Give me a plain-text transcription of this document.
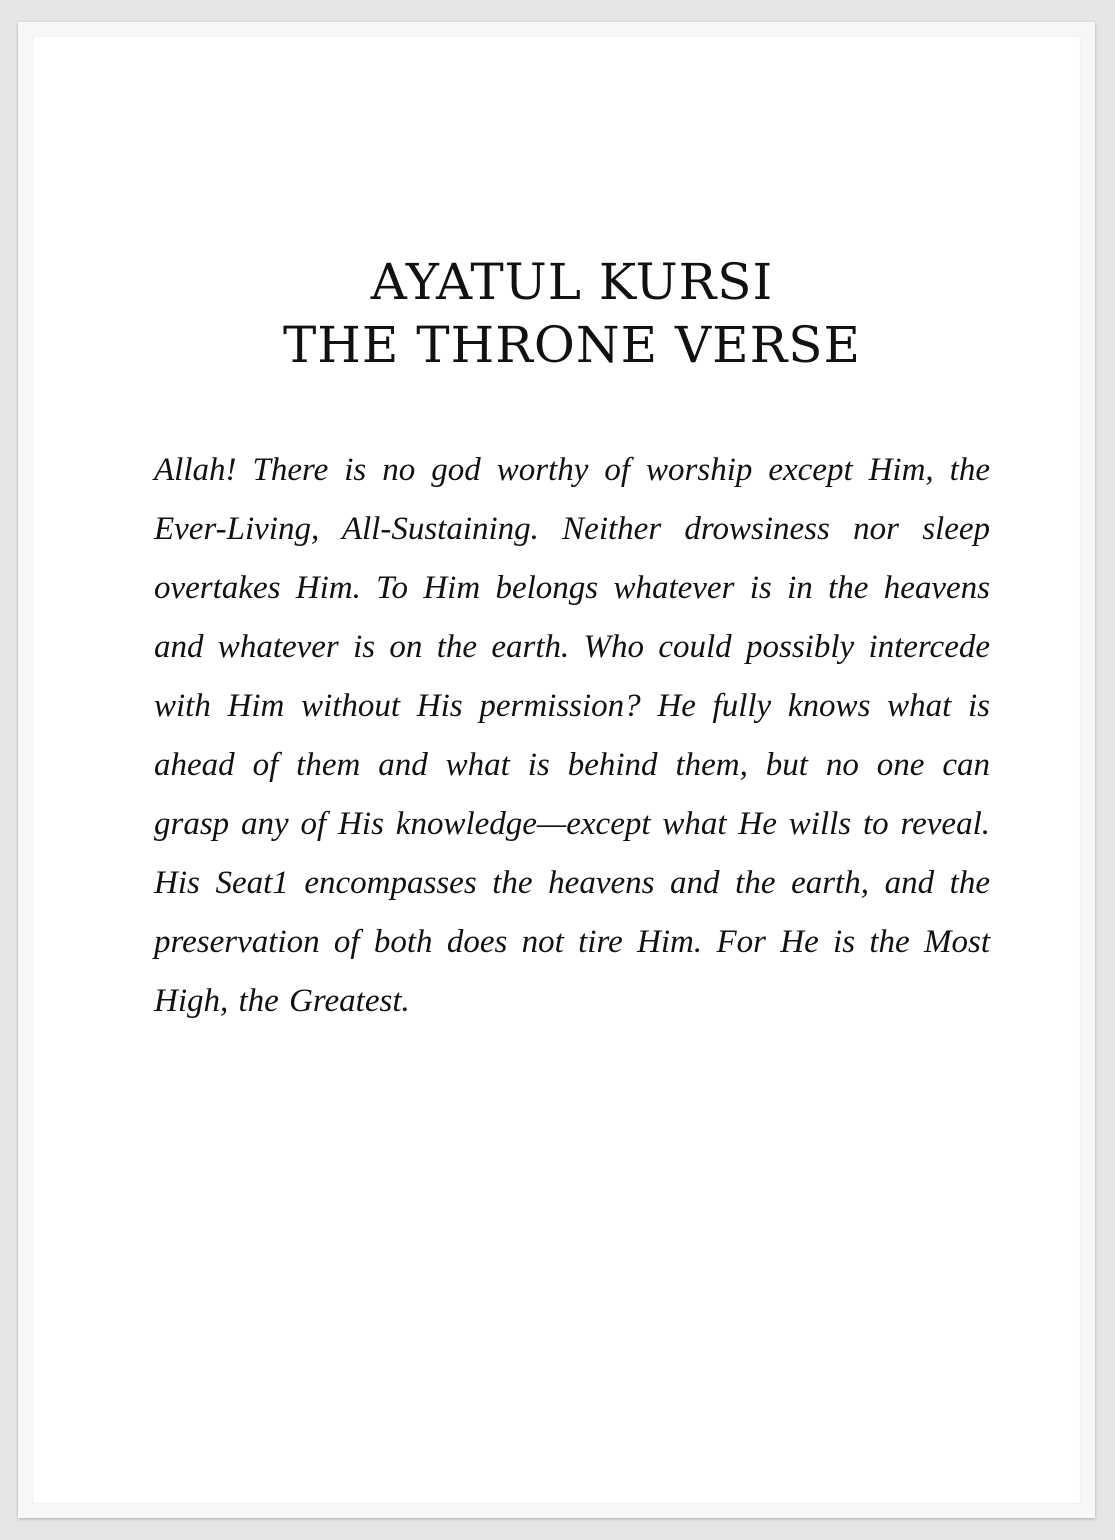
AYATUL KURSI
THE THRONE VERSE

Allah! There is no god worthy of worship except Him, the Ever-Living, All-Sustaining. Neither drowsiness nor sleep overtakes Him. To Him belongs whatever is in the heavens and whatever is on the earth. Who could possibly intercede with Him without His permission? He fully knows what is ahead of them and what is behind them, but no one can grasp any of His knowledge—except what He wills to reveal. His Seat1 encompasses the heavens and the earth, and the preservation of both does not tire Him. For He is the Most High, the Greatest.
